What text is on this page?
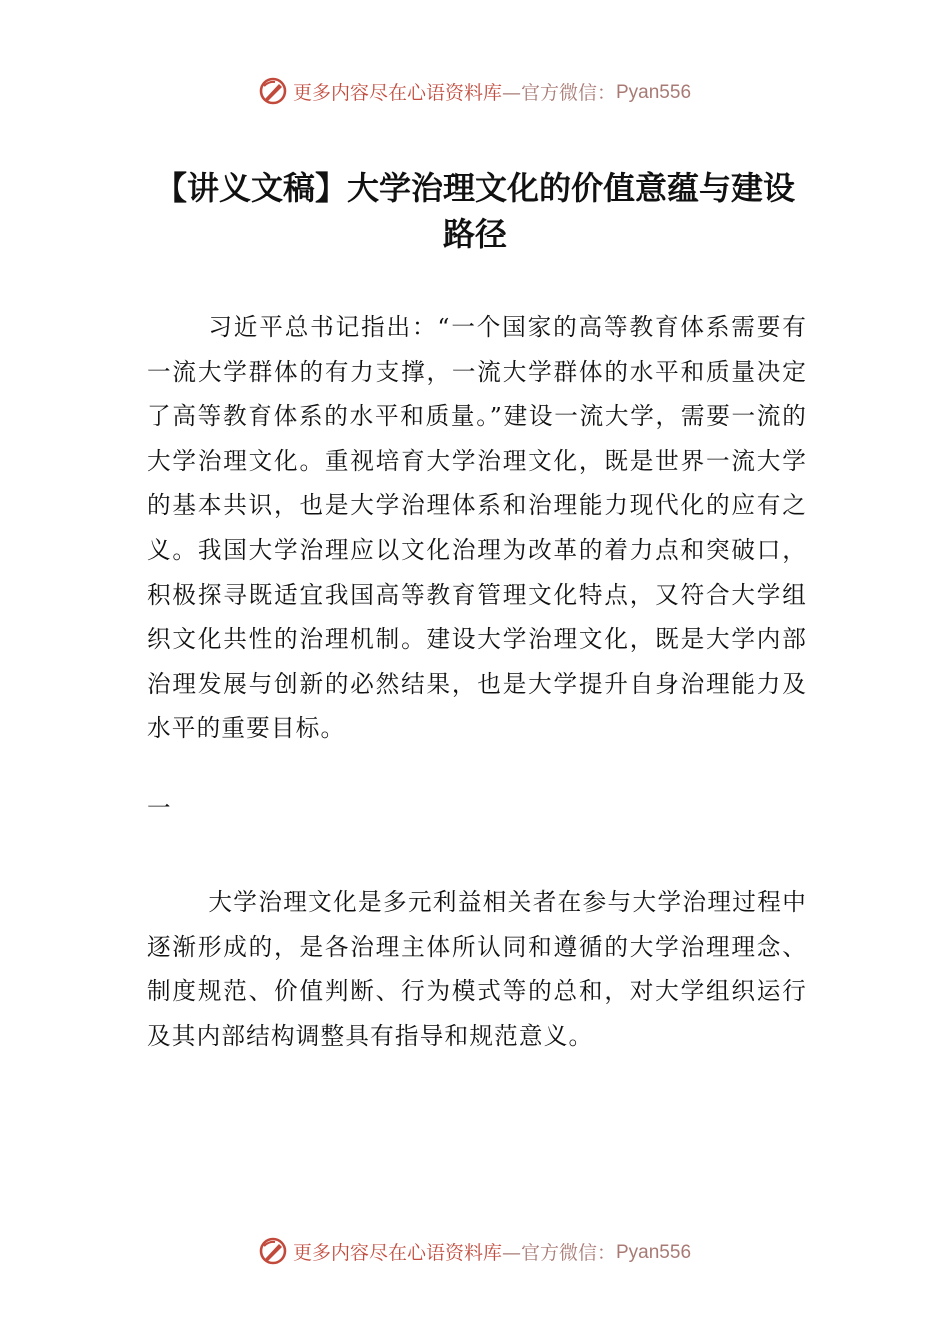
更多内容尽在心语资料库—官方微信：Pyan556
【讲义文稿】大学治理文化的价值意蕴与建设路径

习近平总书记指出：“一个国家的高等教育体系需要有一流大学群体的有力支撑，一流大学群体的水平和质量决定了高等教育体系的水平和质量。”建设一流大学，需要一流的大学治理文化。重视培育大学治理文化，既是世界一流大学的基本共识，也是大学治理体系和治理能力现代化的应有之义。我国大学治理应以文化治理为改革的着力点和突破口，积极探寻既适宜我国高等教育管理文化特点，又符合大学组织文化共性的治理机制。建设大学治理文化，既是大学内部治理发展与创新的必然结果，也是大学提升自身治理能力及水平的重要目标。

一

大学治理文化是多元利益相关者在参与大学治理过程中逐渐形成的，是各治理主体所认同和遵循的大学治理理念、制度规范、价值判断、行为模式等的总和，对大学组织运行及其内部结构调整具有指导和规范意义。

更多内容尽在心语资料库—官方微信：Pyan556
